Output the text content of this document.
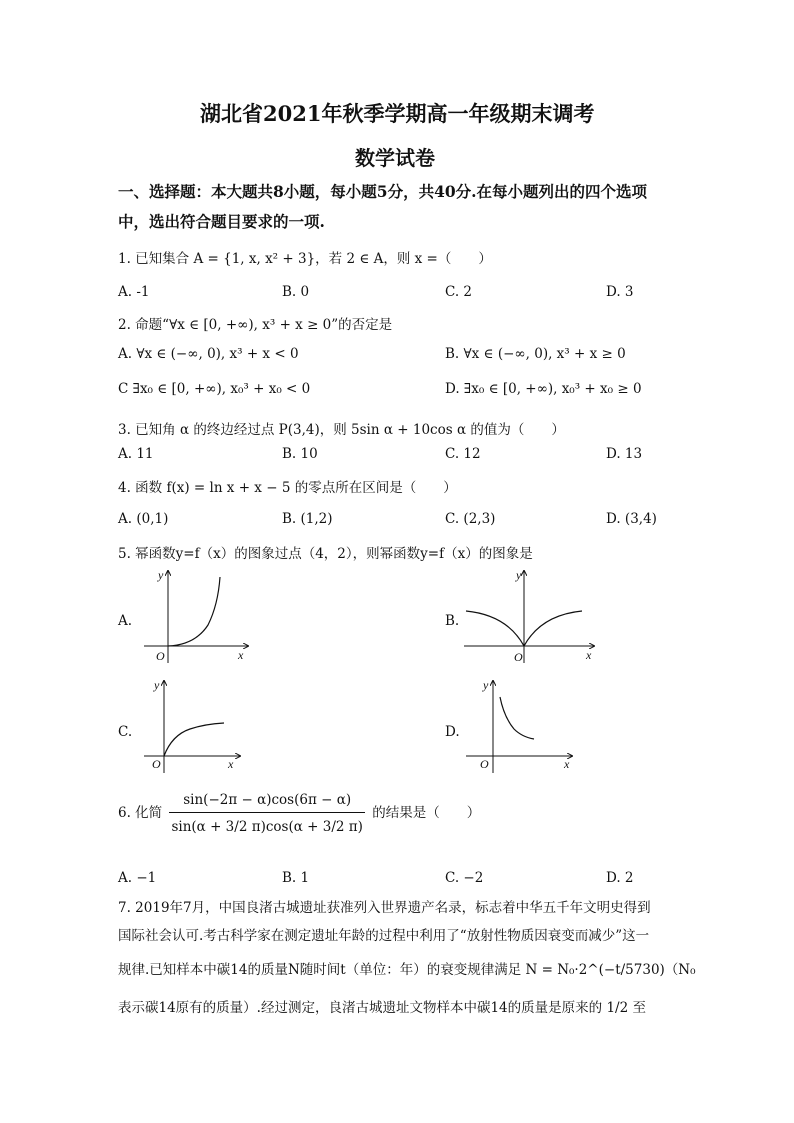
湖北省2021年秋季学期高一年级期末调考
数学试卷
一、选择题：本大题共8小题，每小题5分，共40分.在每小题列出的四个选项
中，选出符合题目要求的一项.
1. 已知集合 A = {1, x, x² + 3}，若 2 ∈ A，则 x =（　　）
A. -1	B. 0	C. 2	D. 3
2. 命题“∀x ∈ [0, +∞), x³ + x ≥ 0”的否定是
A. ∀x ∈ (−∞, 0), x³ + x < 0	B. ∀x ∈ (−∞, 0), x³ + x ≥ 0
C ∃x₀ ∈ [0, +∞), x₀³ + x₀ < 0	D. ∃x₀ ∈ [0, +∞), x₀³ + x₀ ≥ 0
3. 已知角 α 的终边经过点 P(3,4)，则 5sin α + 10cos α 的值为（　　）
A. 11	B. 10	C. 12	D. 13
4. 函数 f(x) = ln x + x − 5 的零点所在区间是（　　）
A. (0,1)	B. (1,2)	C. (2,3)	D. (3,4)
5. 幂函数y=f（x）的图象过点（4，2），则幂函数y=f（x）的图象是
A.	B.
C.	D.
x
y
O	x
y
O
x
y
O	x
y
O
6. 化简 $\frac{\sin(-2\pi - \alpha)\cos(6\pi - \alpha)}{\sin(\alpha + 3/2 \pi)\cos(\alpha + 3/2 \pi)}$ 的结果是（　　）
A. −1	B. 1	C. −2	D. 2
7. 2019年7月，中国良渚古城遗址获准列入世界遗产名录，标志着中华五千年文明史得到
国际社会认可.考古科学家在测定遗址年龄的过程中利用了“放射性物质因衰变而减少”这一
规律.已知样本中碳14的质量N随时间t（单位：年）的衰变规律满足 N = N₀·2^(−t/5730)（N₀
表示碳14原有的质量）.经过测定，良渚古城遗址文物样本中碳14的质量是原来的 1/2 至
